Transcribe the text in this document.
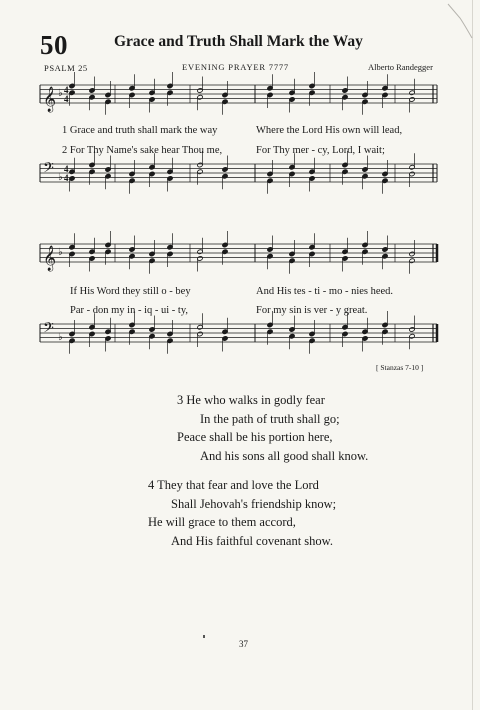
50	Grace and Truth Shall Mark the Way
PSALM 25	EVENING PRAYER 7777	Alberto Randegger
𝄞 ♭ 4
4
𝄢 ♭
4
4
𝄞 ♭
𝄢 ♭
1 Grace and truth shall mark the way	Where the Lord His own will lead,
2 For Thy Name's sake hear Thou me,	For Thy mer - cy, Lord, I wait;
If His Word they still o - bey	And His tes - ti - mo - nies heed.
Par - don my in - iq - ui - ty,	For my sin is ver - y great.
[ Stanzas 7-10 ]
3 He who walks in godly fear
In the path of truth shall go;
Peace shall be his portion here,
And his sons all good shall know.
4 They that fear and love the Lord
Shall Jehovah's friendship know;
He will grace to them accord,
And His faithful covenant show.
37
